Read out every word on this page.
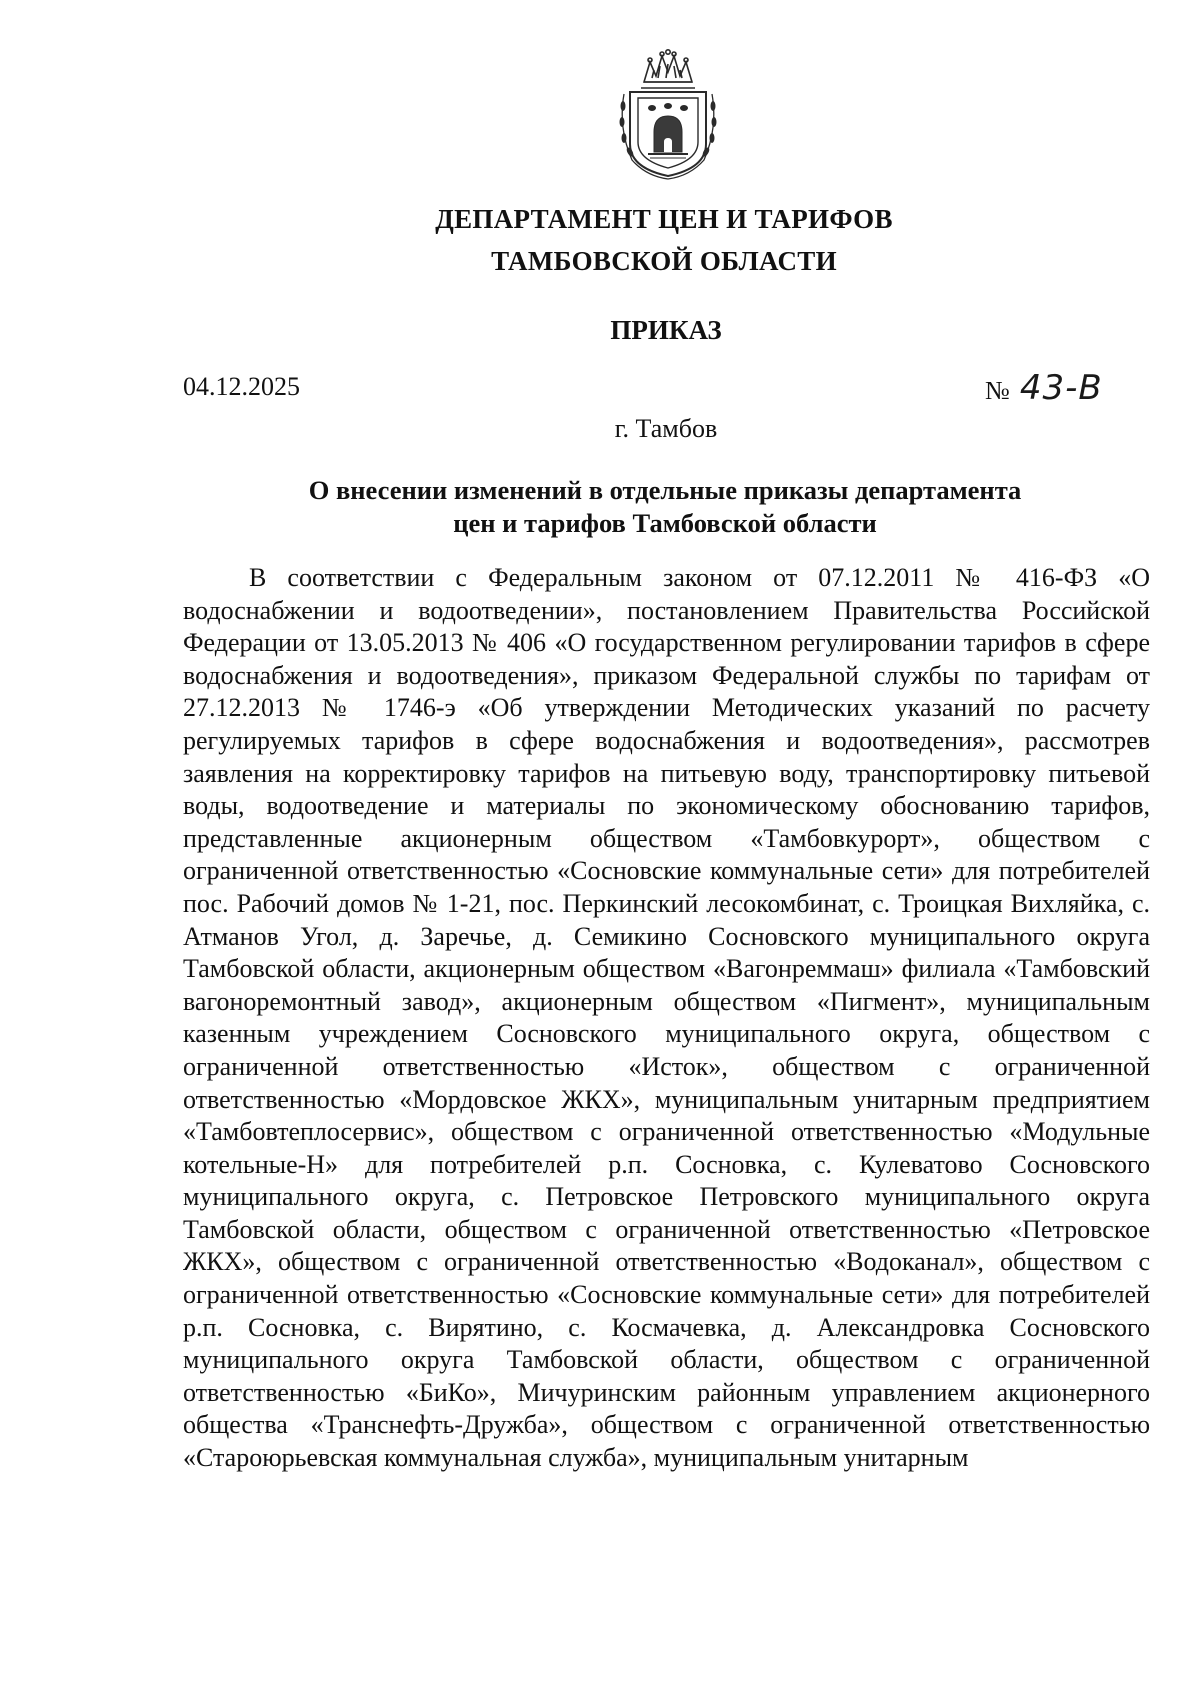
ДЕПАРТАМЕНТ ЦЕН И ТАРИФОВ
ТАМБОВСКОЙ ОБЛАСТИ
ПРИКАЗ
04.12.2025	№ 43-В
г. Тамбов
О внесении изменений в отдельные приказы департамента
цен и тарифов Тамбовской области

В соответствии с Федеральным законом от 07.12.2011 № 416-ФЗ «О водоснабжении и водоотведении», постановлением Правительства Российской Федерации от 13.05.2013 № 406 «О государственном регулировании тарифов в сфере водоснабжения и водоотведения», приказом Федеральной службы по тарифам от 27.12.2013 № 1746-э «Об утверждении Методических указаний по расчету регулируемых тарифов в сфере водоснабжения и водоотведения», рассмотрев заявления на корректировку тарифов на питьевую воду, транспортировку питьевой воды, водоотведение и материалы по экономическому обоснованию тарифов, представленные акционерным обществом «Тамбовкурорт», обществом с ограниченной ответственностью «Сосновские коммунальные сети» для потребителей пос. Рабочий домов № 1-21, пос. Перкинский лесокомбинат, с. Троицкая Вихляйка, с. Атманов Угол, д. Заречье, д. Семикино Сосновского муниципального округа Тамбовской области, акционерным обществом «Вагонреммаш» филиала «Тамбовский вагоноремонтный завод», акционерным обществом «Пигмент», муниципальным казенным учреждением Сосновского муниципального округа, обществом с ограниченной ответственностью «Исток», обществом с ограниченной ответственностью «Мордовское ЖКХ», муниципальным унитарным предприятием «Тамбовтеплосервис», обществом с ограниченной ответственностью «Модульные котельные-Н» для потребителей р.п. Сосновка, с. Кулеватово Сосновского муниципального округа, с. Петровское Петровского муниципального округа Тамбовской области, обществом с ограниченной ответственностью «Петровское ЖКХ», обществом с ограниченной ответственностью «Водоканал», обществом с ограниченной ответственностью «Сосновские коммунальные сети» для потребителей р.п. Сосновка, с. Вирятино, с. Космачевка, д. Александровка Сосновского муниципального округа Тамбовской области, обществом с ограниченной ответственностью «БиКо», Мичуринским районным управлением акционерного общества «Транснефть-Дружба», обществом с ограниченной ответственностью «Староюрьевская коммунальная служба», муниципальным унитарным
